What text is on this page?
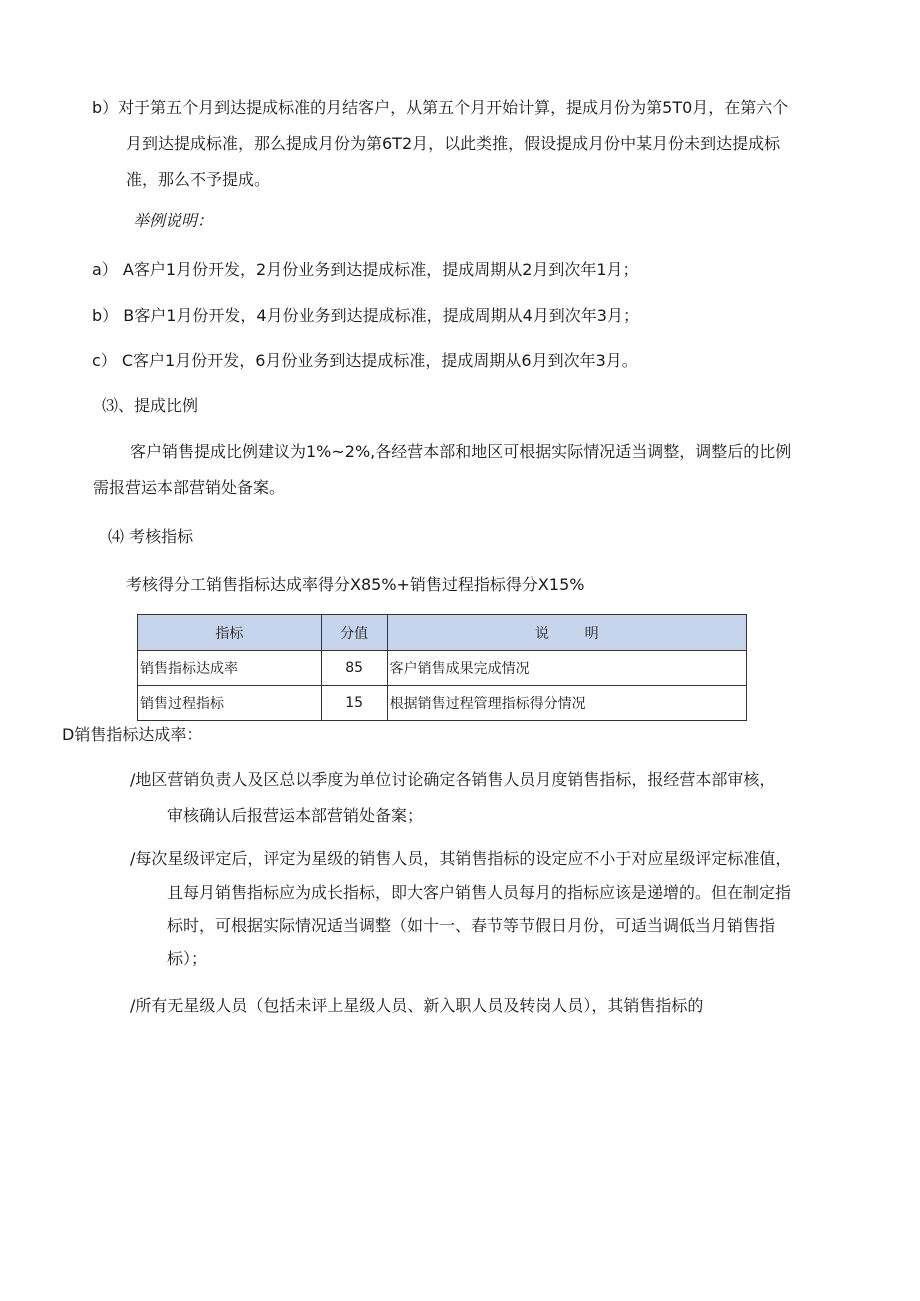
b）对于第五个月到达提成标准的月结客户，从第五个月开始计算，提成月份为第5T0月，在第六个
月到达提成标准，那么提成月份为第6T2月，以此类推，假设提成月份中某月份未到达提成标
准，那么不予提成。
举例说明：
a） A客户1月份开发，2月份业务到达提成标准，提成周期从2月到次年1月；
b） B客户1月份开发，4月份业务到达提成标准，提成周期从4月到次年3月；
c） C客户1月份开发，6月份业务到达提成标准，提成周期从6月到次年3月。
⑶、提成比例
客户销售提成比例建议为1%~2%,各经营本部和地区可根据实际情况适当调整，调整后的比例
需报营运本部营销处备案。
⑷ 考核指标
考核得分工销售指标达成率得分X85%+销售过程指标得分X15%
指标	分值	说        明
销售指标达成率	85	客户销售成果完成情况
销售过程指标	15	根据销售过程管理指标得分情况
D销售指标达成率：
/地区营销负责人及区总以季度为单位讨论确定各销售人员月度销售指标，报经营本部审核，
审核确认后报营运本部营销处备案；
/每次星级评定后，评定为星级的销售人员，其销售指标的设定应不小于对应星级评定标准值，
且每月销售指标应为成长指标，即大客户销售人员每月的指标应该是递增的。但在制定指
标时，可根据实际情况适当调整（如十一、春节等节假日月份，可适当调低当月销售指
标）；
/所有无星级人员（包括未评上星级人员、新入职人员及转岗人员），其销售指标的
